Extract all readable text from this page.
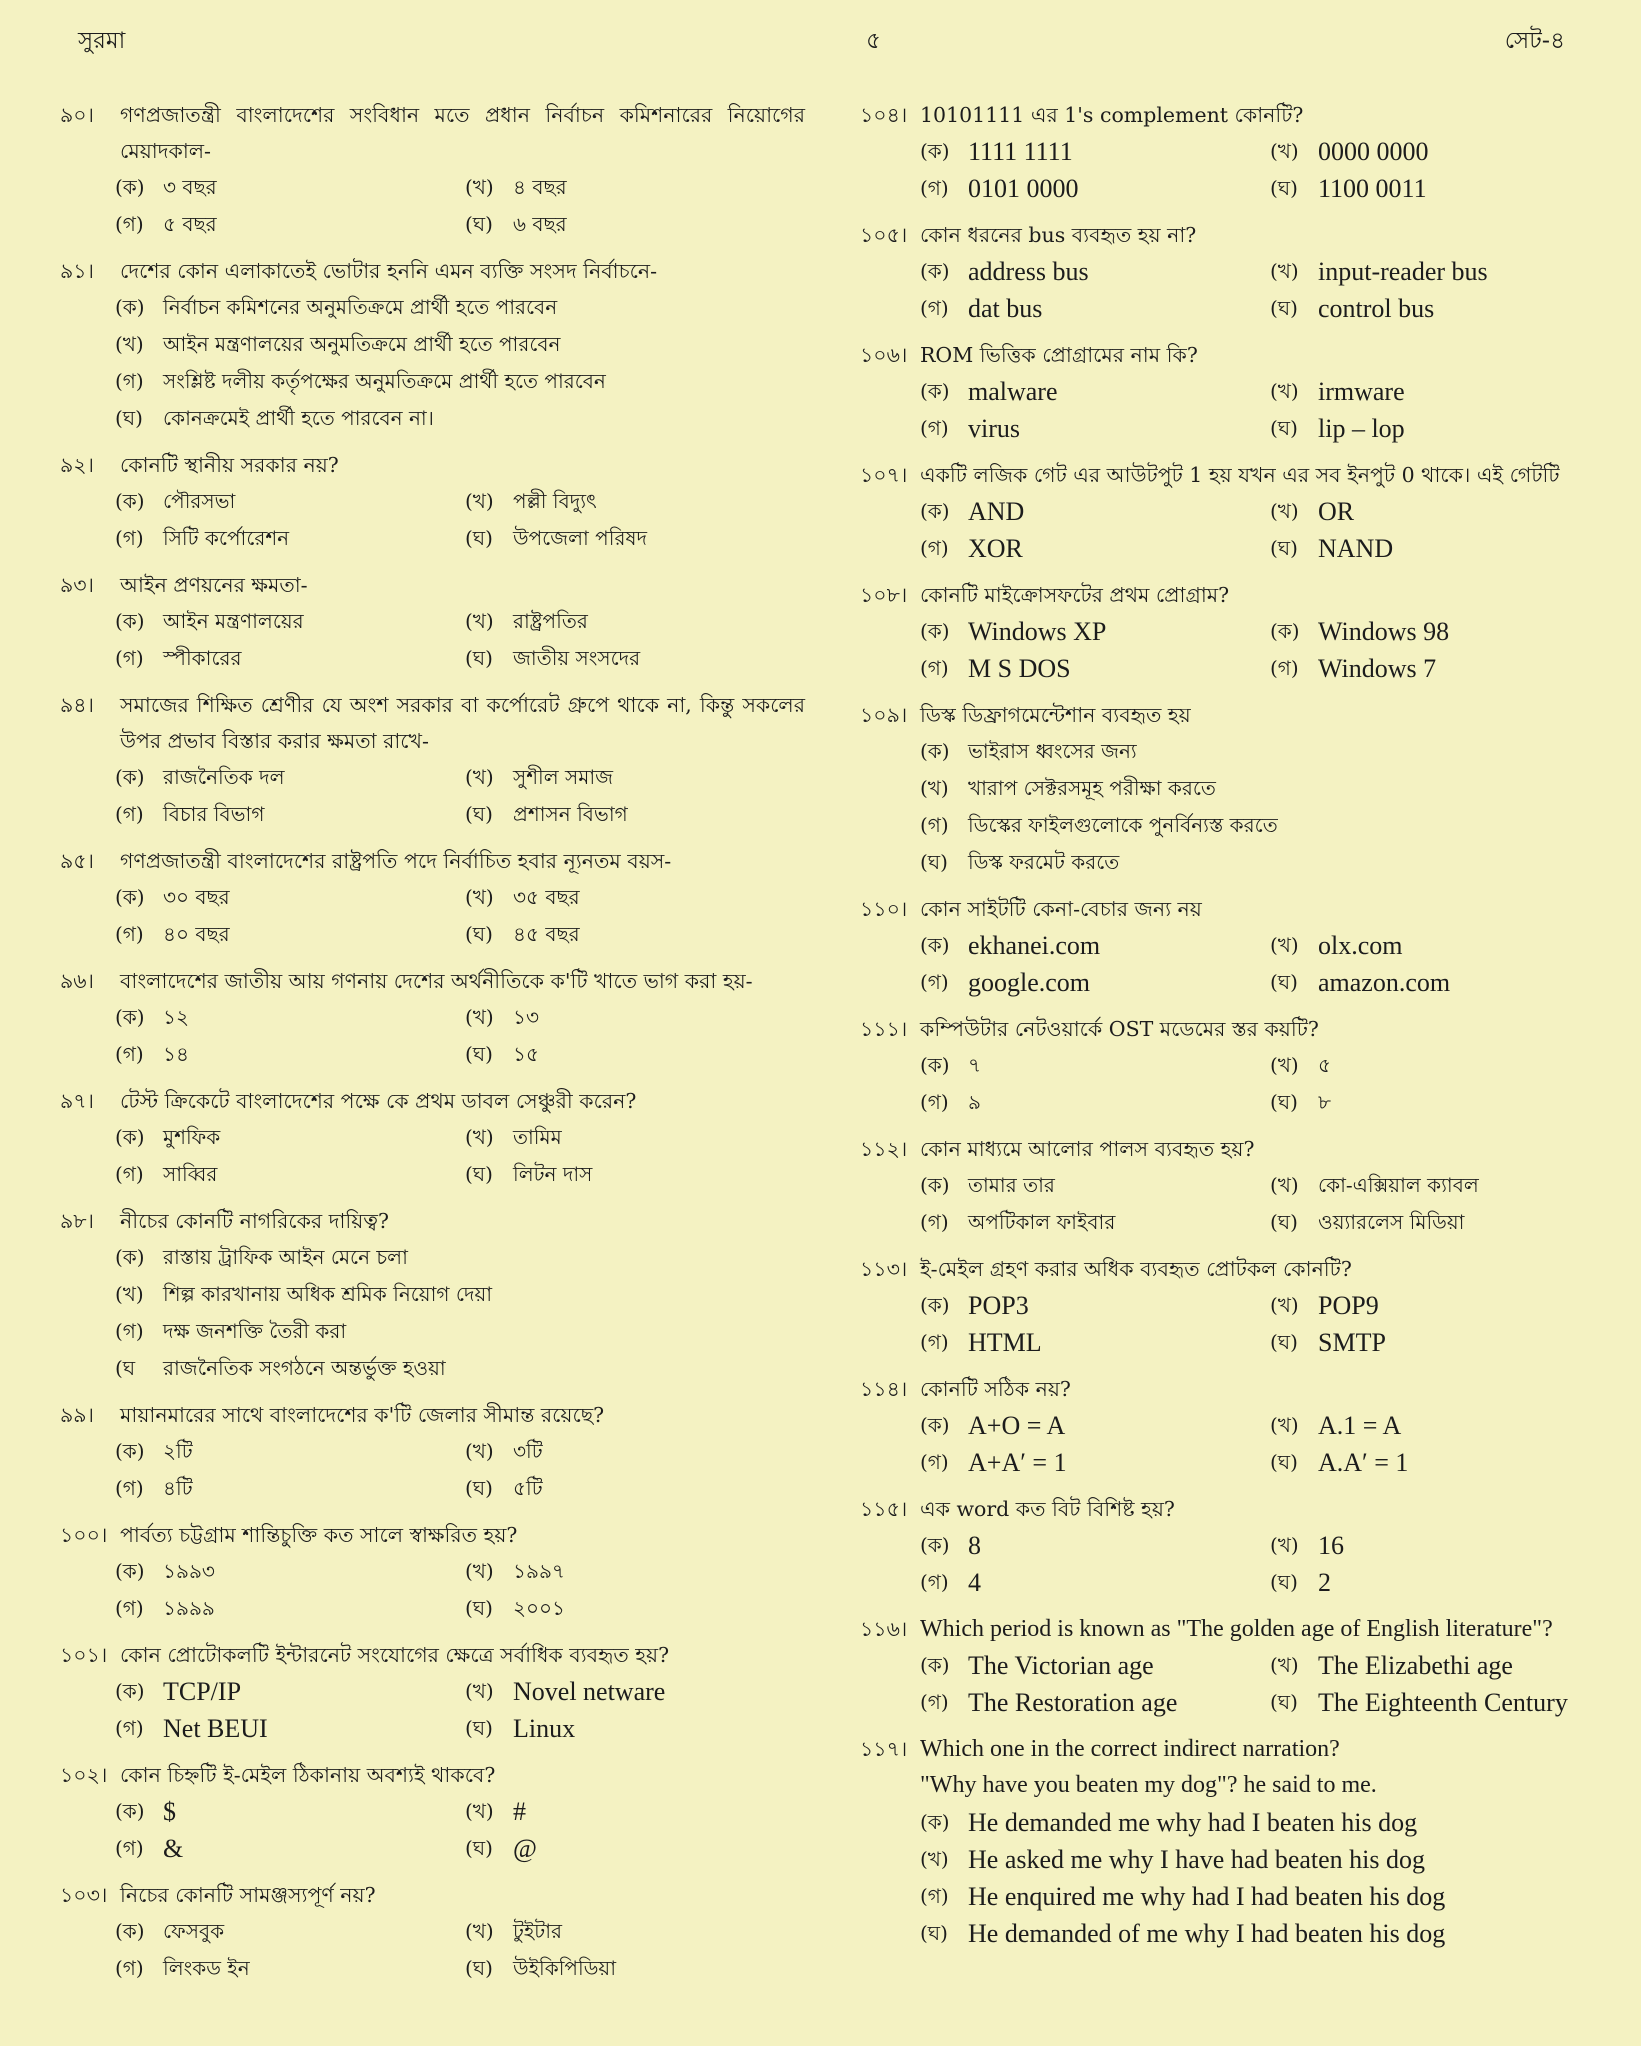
সুরমা	৫	সেট-৪
৯০।	গণপ্রজাতন্ত্রী বাংলাদেশের সংবিধান মতে প্রধান নির্বাচন কমিশনারের নিয়োগের মেয়াদকাল-
(ক) ৩ বছর	(খ) ৪ বছর
(গ) ৫ বছর	(ঘ)	৬ বছর
৯১।	দেশের কোন এলাকাতেই ভোটার হননি এমন ব্যক্তি সংসদ নির্বাচনে-
(ক) নির্বাচন কমিশনের অনুমতিক্রমে প্রার্থী হতে পারবেন
(খ) আইন মন্ত্রণালয়ের অনুমতিক্রমে প্রার্থী হতে পারবেন
(গ) সংশ্লিষ্ট দলীয় কর্তৃপক্ষের অনুমতিক্রমে প্রার্থী হতে পারবেন
(ঘ)	কোনক্রমেই প্রার্থী হতে পারবেন না।
৯২।	কোনটি স্থানীয় সরকার নয়?
(ক) পৌরসভা	(খ) পল্লী বিদ্যুৎ
(গ) সিটি কর্পোরেশন	(ঘ)	উপজেলা পরিষদ
৯৩।	আইন প্রণয়নের ক্ষমতা-
(ক) আইন মন্ত্রণালয়ের	(খ) রাষ্ট্রপতির
(গ) স্পীকারের	(ঘ)	জাতীয় সংসদের
৯৪।	সমাজের শিক্ষিত শ্রেণীর যে অংশ সরকার বা কর্পোরেট গ্রুপে থাকে না, কিন্তু সকলের উপর প্রভাব বিস্তার করার ক্ষমতা রাখে-
(ক) রাজনৈতিক দল	(খ) সুশীল সমাজ
(গ) বিচার বিভাগ	(ঘ)	প্রশাসন বিভাগ
৯৫।	গণপ্রজাতন্ত্রী বাংলাদেশের রাষ্ট্রপতি পদে নির্বাচিত হবার ন্যূনতম বয়স-
(ক) ৩০ বছর	(খ) ৩৫ বছর
(গ) ৪০ বছর	(ঘ)	৪৫ বছর
৯৬।	বাংলাদেশের জাতীয় আয় গণনায় দেশের অর্থনীতিকে ক'টি খাতে ভাগ করা হয়-
(ক) ১২	(খ) ১৩
(গ) ১৪	(ঘ)	১৫
৯৭।	টেস্ট ক্রিকেটে বাংলাদেশের পক্ষে কে প্রথম ডাবল সেঞ্চুরী করেন?
(ক) মুশফিক	(খ) তামিম
(গ) সাব্বির	(ঘ)	লিটন দাস
৯৮।	নীচের কোনটি নাগরিকের দায়িত্ব?
(ক) রাস্তায় ট্রাফিক আইন মেনে চলা
(খ) শিল্প কারখানায় অধিক শ্রমিক নিয়োগ দেয়া
(গ) দক্ষ জনশক্তি তৈরী করা
(ঘ	রাজনৈতিক সংগঠনে অন্তর্ভুক্ত হওয়া
৯৯।	মায়ানমারের সাথে বাংলাদেশের ক'টি জেলার সীমান্ত রয়েছে?
(ক) ২টি	(খ) ৩টি
(গ) ৪টি	(ঘ)	৫টি
১০০। পার্বত্য চট্টগ্রাম শান্তিচুক্তি কত সালে স্বাক্ষরিত হয়?
(ক) ১৯৯৩	(খ) ১৯৯৭
(গ) ১৯৯৯	(ঘ)	২০০১
১০১। কোন প্রোটোকলটি ইন্টারনেট সংযোগের ক্ষেত্রে সর্বাধিক ব্যবহৃত হয়?
(ক) TCP/IP	(খ) Novel netware
(গ) Net BEUI	(ঘ) Linux
১০২। কোন চিহ্নটি ই-মেইল ঠিকানায় অবশ্যই থাকবে?
(ক) $	(খ) #
(গ) &	(ঘ) @
১০৩। নিচের কোনটি সামঞ্জস্যপূর্ণ নয়?
(ক) ফেসবুক	(খ) টুইটার
(গ) লিংকড ইন	(ঘ)	উইকিপিডিয়া
১০৪। 10101111 এর 1's complement কোনটি?
(ক) 1111 1111	(খ) 0000 0000
(গ) 0101 0000	(ঘ) 1100 0011
১০৫। কোন ধরনের bus ব্যবহৃত হয় না?
(ক) address bus	(খ) input-reader bus
(গ) dat bus	(ঘ) control bus
১০৬। ROM ভিত্তিক প্রোগ্রামের নাম কি?
(ক) malware	(খ) irmware
(গ) virus	(ঘ) lip – lop
১০৭। একটি লজিক গেট এর আউটপুট 1 হয় যখন এর সব ইনপুট 0 থাকে। এই গেটটি
(ক) AND	(খ) OR
(গ) XOR	(ঘ) NAND
১০৮। কোনটি মাইক্রোসফটের প্রথম প্রোগ্রাম?
(ক) Windows XP	(ক) Windows 98
(গ) M S DOS	(গ) Windows 7
১০৯। ডিস্ক ডিফ্রাগমেন্টেশান ব্যবহৃত হয়
(ক) ভাইরাস ধ্বংসের জন্য
(খ) খারাপ সেক্টরসমূহ পরীক্ষা করতে
(গ) ডিস্কের ফাইলগুলোকে পুনর্বিন্যস্ত করতে
(ঘ)	ডিস্ক ফরমেট করতে
১১০। কোন সাইটটি কেনা-বেচার জন্য নয়
(ক) ekhanei.com	(খ) olx.com
(গ) google.com	(ঘ) amazon.com
১১১। কম্পিউটার নেটওয়ার্কে OST মডেমের স্তর কয়টি?
(ক) ৭	(খ) ৫
(গ) ৯	(ঘ)	৮
১১২। কোন মাধ্যমে আলোর পালস ব্যবহৃত হয়?
(ক) তামার তার	(খ) কো-এক্সিয়াল ক্যাবল
(গ) অপটিকাল ফাইবার	(ঘ)	ওয়্যারলেস মিডিয়া
১১৩। ই-মেইল গ্রহণ করার অধিক ব্যবহৃত প্রোটকল কোনটি?
(ক) POP3	(খ) POP9
(গ) HTML	(ঘ) SMTP
১১৪। কোনটি সঠিক নয়?
(ক) A+O = A	(খ) A.1 = A
(গ) A+A′ = 1	(ঘ) A.A′ = 1
১১৫। এক word কত বিট বিশিষ্ট হয়?
(ক) 8	(খ) 16
(গ) 4	(ঘ) 2
১১৬। Which period is known as "The golden age of English literature"?
(ক) The Victorian age	(খ) The Elizabethi age
(গ) The Restoration age	(ঘ) The Eighteenth Century
১১৭। Which one in the correct indirect narration?
"Why have you beaten my dog"? he said to me.
(ক) He demanded me why had I beaten his dog
(খ) He asked me why I have had beaten his dog
(গ) He enquired me why had I had beaten his dog
(ঘ) He demanded of me why I had beaten his dog
